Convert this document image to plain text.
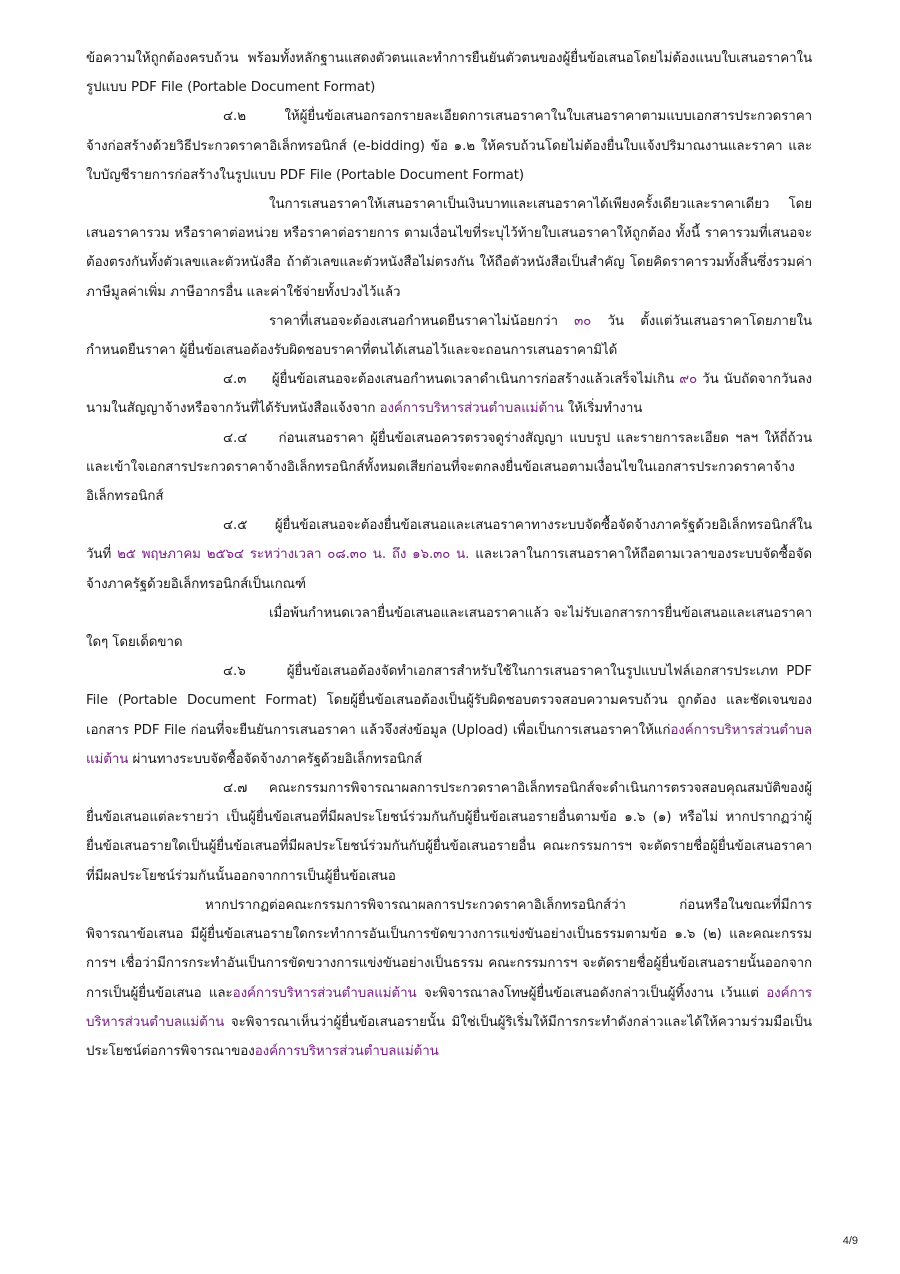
ข้อความให้ถูกต้องครบถ้วน พร้อมทั้งหลักฐานแสดงตัวตนและทำการยืนยันตัวตนของผู้ยื่นข้อเสนอโดยไม่ต้องแนบใบเสนอราคาในรูปแบบ PDF File (Portable Document Format)

๔.๒     ให้ผู้ยื่นข้อเสนอกรอกรายละเอียดการเสนอราคาในใบเสนอราคาตามแบบเอกสารประกวดราคาจ้างก่อสร้างด้วยวิธีประกวดราคาอิเล็กทรอนิกส์ (e-bidding) ข้อ ๑.๒ ให้ครบถ้วนโดยไม่ต้องยื่นใบแจ้งปริมาณงานและราคา และใบบัญชีรายการก่อสร้างในรูปแบบ PDF File (Portable Document Format)

ในการเสนอราคาให้เสนอราคาเป็นเงินบาทและเสนอราคาได้เพียงครั้งเดียวและราคาเดียว โดยเสนอราคารวม หรือราคาต่อหน่วย หรือราคาต่อรายการ ตามเงื่อนไขที่ระบุไว้ท้ายใบเสนอราคาให้ถูกต้อง ทั้งนี้ ราคารวมที่เสนอจะต้องตรงกันทั้งตัวเลขและตัวหนังสือ ถ้าตัวเลขและตัวหนังสือไม่ตรงกัน ให้ถือตัวหนังสือเป็นสำคัญ โดยคิดราคารวมทั้งสิ้นซึ่งรวมค่าภาษีมูลค่าเพิ่ม ภาษีอากรอื่น และค่าใช้จ่ายทั้งปวงไว้แล้ว

ราคาที่เสนอจะต้องเสนอกำหนดยืนราคาไม่น้อยกว่า ๓๐ วัน ตั้งแต่วันเสนอราคาโดยภายในกำหนดยืนราคา ผู้ยื่นข้อเสนอต้องรับผิดชอบราคาที่ตนได้เสนอไว้และจะถอนการเสนอราคามิได้

๔.๓     ผู้ยื่นข้อเสนอจะต้องเสนอกำหนดเวลาดำเนินการก่อสร้างแล้วเสร็จไม่เกิน ๙๐ วัน นับถัดจากวันลงนามในสัญญาจ้างหรือจากวันที่ได้รับหนังสือแจ้งจาก องค์การบริหารส่วนตำบลแม่ต้าน ให้เริ่มทำงาน

๔.๔     ก่อนเสนอราคา ผู้ยื่นข้อเสนอควรตรวจดูร่างสัญญา แบบรูป และรายการละเอียด ฯลฯ ให้ถี่ถ้วนและเข้าใจเอกสารประกวดราคาจ้างอิเล็กทรอนิกส์ทั้งหมดเสียก่อนที่จะตกลงยื่นข้อเสนอตามเงื่อนไขในเอกสารประกวดราคาจ้างอิเล็กทรอนิกส์

๔.๕     ผู้ยื่นข้อเสนอจะต้องยื่นข้อเสนอและเสนอราคาทางระบบจัดซื้อจัดจ้างภาครัฐด้วยอิเล็กทรอนิกส์ในวันที่ ๒๕ พฤษภาคม ๒๕๖๔ ระหว่างเวลา ๐๘.๓๐ น. ถึง ๑๖.๓๐ น. และเวลาในการเสนอราคาให้ถือตามเวลาของระบบจัดซื้อจัดจ้างภาครัฐด้วยอิเล็กทรอนิกส์เป็นเกณฑ์

เมื่อพ้นกำหนดเวลายื่นข้อเสนอและเสนอราคาแล้ว จะไม่รับเอกสารการยื่นข้อเสนอและเสนอราคาใดๆ โดยเด็ดขาด

๔.๖     ผู้ยื่นข้อเสนอต้องจัดทำเอกสารสำหรับใช้ในการเสนอราคาในรูปแบบไฟล์เอกสารประเภท PDF File (Portable Document Format) โดยผู้ยื่นข้อเสนอต้องเป็นผู้รับผิดชอบตรวจสอบความครบถ้วน ถูกต้อง และชัดเจนของเอกสาร PDF File ก่อนที่จะยืนยันการเสนอราคา แล้วจึงส่งข้อมูล (Upload) เพื่อเป็นการเสนอราคาให้แก่องค์การบริหารส่วนตำบลแม่ต้าน ผ่านทางระบบจัดซื้อจัดจ้างภาครัฐด้วยอิเล็กทรอนิกส์

๔.๗     คณะกรรมการพิจารณาผลการประกวดราคาอิเล็กทรอนิกส์จะดำเนินการตรวจสอบคุณสมบัติของผู้ยื่นข้อเสนอแต่ละรายว่า เป็นผู้ยื่นข้อเสนอที่มีผลประโยชน์ร่วมกันกับผู้ยื่นข้อเสนอรายอื่นตามข้อ ๑.๖ (๑) หรือไม่ หากปรากฏว่าผู้ยื่นข้อเสนอรายใดเป็นผู้ยื่นข้อเสนอที่มีผลประโยชน์ร่วมกันกับผู้ยื่นข้อเสนอรายอื่น คณะกรรมการฯ จะตัดรายชื่อผู้ยื่นข้อเสนอราคาที่มีผลประโยชน์ร่วมกันนั้นออกจากการเป็นผู้ยื่นข้อเสนอ

หากปรากฏต่อคณะกรรมการพิจารณาผลการประกวดราคาอิเล็กทรอนิกส์ว่า ก่อนหรือในขณะที่มีการพิจารณาข้อเสนอ มีผู้ยื่นข้อเสนอรายใดกระทำการอันเป็นการขัดขวางการแข่งขันอย่างเป็นธรรมตามข้อ ๑.๖ (๒) และคณะกรรมการฯ เชื่อว่ามีการกระทำอันเป็นการขัดขวางการแข่งขันอย่างเป็นธรรม คณะกรรมการฯ จะตัดรายชื่อผู้ยื่นข้อเสนอรายนั้นออกจากการเป็นผู้ยื่นข้อเสนอ และองค์การบริหารส่วนตำบลแม่ต้าน จะพิจารณาลงโทษผู้ยื่นข้อเสนอดังกล่าวเป็นผู้ทิ้งงาน เว้นแต่ องค์การบริหารส่วนตำบลแม่ต้าน จะพิจารณาเห็นว่าผู้ยื่นข้อเสนอรายนั้น มิใช่เป็นผู้ริเริ่มให้มีการกระทำดังกล่าวและได้ให้ความร่วมมือเป็นประโยชน์ต่อการพิจารณาขององค์การบริหารส่วนตำบลแม่ต้าน

4/9
